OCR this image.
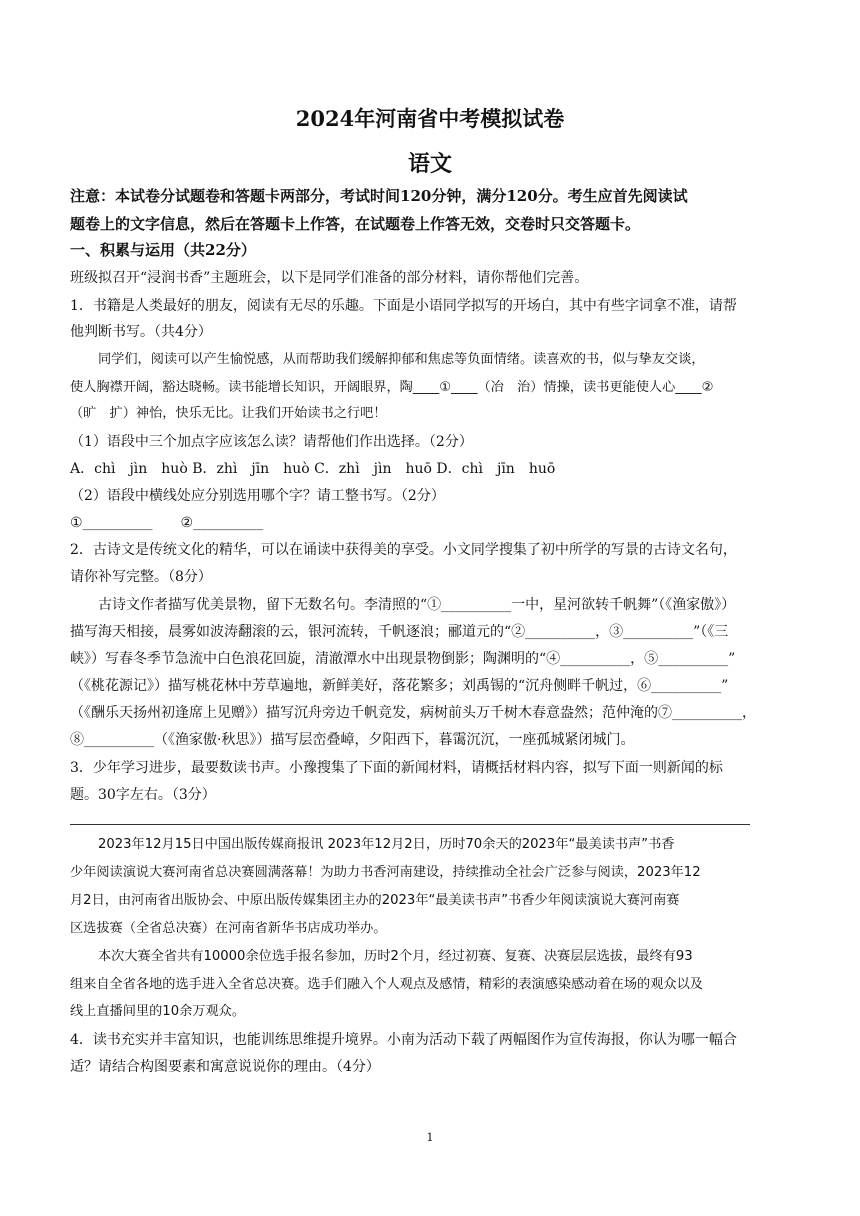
2024年河南省中考模拟试卷
语文
注意：本试卷分试题卷和答题卡两部分，考试时间120分钟，满分120分。考生应首先阅读试
题卷上的文字信息，然后在答题卡上作答，在试题卷上作答无效，交卷时只交答题卡。
一、积累与运用（共22分）
班级拟召开“浸润书香”主题班会，以下是同学们准备的部分材料，请你帮他们完善。
1．书籍是人类最好的朋友，阅读有无尽的乐趣。下面是小语同学拟写的开场白，其中有些字词拿不准，请帮
他判断书写。（共4分）
同学们，阅读可以产生愉悦感，从而帮助我们缓解抑郁和焦虑等负面情绪。读喜欢的书，似与挚友交谈，
使人胸襟开阔，豁达晓畅。读书能增长知识，开阔眼界，陶____①____（冶　治）情操，读书更能使人心____②
（旷　扩）神怡，快乐无比。让我们开始读书之行吧！
（1）语段中三个加点字应该怎么读？请帮他们作出选择。（2分）
A．chì　jìn　huò B．zhì　jīn　huò C．zhì　jìn　huō D．chì　jīn　huō
（2）语段中横线处应分别选用哪个字？请工整书写。（2分）
①__________　　②__________
2．古诗文是传统文化的精华，可以在诵读中获得美的享受。小文同学搜集了初中所学的写景的古诗文名句，
请你补写完整。（8分）
古诗文作者描写优美景物，留下无数名句。李清照的“①__________一中，星河欲转千帆舞”（《渔家傲》）
描写海天相接，晨雾如波涛翻滚的云，银河流转，千帆逐浪；郦道元的“②__________，③__________”（《三
峡》）写春冬季节急流中白色浪花回旋，清澈潭水中出现景物倒影；陶渊明的“④__________，⑤__________”
（《桃花源记》）描写桃花林中芳草遍地，新鲜美好，落花繁多；刘禹锡的“沉舟侧畔千帆过，⑥__________”
（《酬乐天扬州初逢席上见赠》）描写沉舟旁边千帆竞发，病树前头万千树木春意盎然；范仲淹的⑦__________，
⑧__________（《渔家傲·秋思》）描写层峦叠嶂，夕阳西下，暮霭沉沉，一座孤城紧闭城门。
3．少年学习进步，最要数读书声。小豫搜集了下面的新闻材料，请概括材料内容，拟写下面一则新闻的标
题。30字左右。（3分）
2023年12月15日中国出版传媒商报讯 2023年12月2日，历时70余天的2023年“最美读书声”书香
少年阅读演说大赛河南省总决赛圆满落幕！为助力书香河南建设，持续推动全社会广泛参与阅读，2023年12
月2日，由河南省出版协会、中原出版传媒集团主办的2023年“最美读书声”书香少年阅读演说大赛河南赛
区选拔赛（全省总决赛）在河南省新华书店成功举办。
本次大赛全省共有10000余位选手报名参加，历时2个月，经过初赛、复赛、决赛层层选拔，最终有93
组来自全省各地的选手进入全省总决赛。选手们融入个人观点及感情，精彩的表演感染感动着在场的观众以及
线上直播间里的10余万观众。
4．读书充实并丰富知识，也能训练思维提升境界。小南为活动下载了两幅图作为宣传海报，你认为哪一幅合
适？请结合构图要素和寓意说说你的理由。（4分）
1
